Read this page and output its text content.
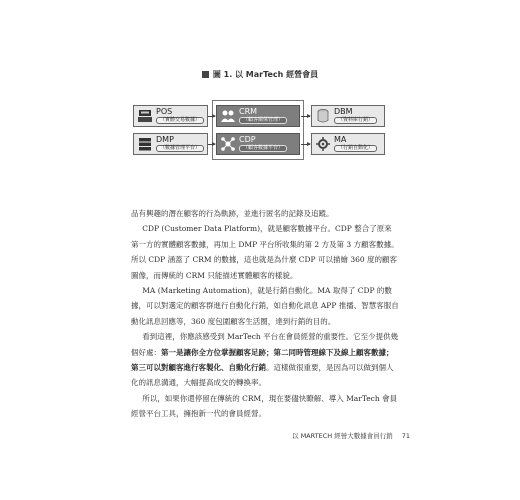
圖 1. 以 MarTech 經營會員
POS
（實體交易數據）
DMP
（數據管理平台）
CRM
（顧客關係管理）
CDP
（顧客數據平台）
DBM
（資料庫行銷）
MA
（行銷自動化）

品有興趣的潛在顧客的行為軌跡，並進行匿名的記錄及追蹤。

CDP (Customer Data Platform)，就是顧客數據平台。CDP 整合了原來第一方的實體顧客數據，再加上 DMP 平台所收集的第 2 方及第 3 方顧客數據。所以 CDP 涵蓋了 CRM 的數據，這也就是為什麼 CDP 可以描繪 360 度的顧客圖像，而傳統的 CRM 只能描述實體顧客的樣貌。

MA (Marketing Automation)，就是行銷自動化。MA 取得了 CDP 的數據，可以對選定的顧客群進行自動化行銷，如自動化訊息 APP 推播、智慧客服自動化訊息回應等，360 度包圍顧客生活圈，達到行銷的目的。

看到這裡，你應該感受到 MarTech 平台在會員經營的重要性。它至少提供幾個好處：第一是讓你全方位掌握顧客足跡；第二同時管理線下及線上顧客數據；第三可以對顧客進行客製化、自動化行銷。這樣做很重要，是因為可以做到個人化的訊息溝通，大幅提高成交的轉換率。

所以，如果你還停留在傳統的 CRM，現在要儘快瞭解、導入 MarTech 會員經營平台工具，擁抱新一代的會員經營。

以 MARTECH 經營大數據會員行銷 71
